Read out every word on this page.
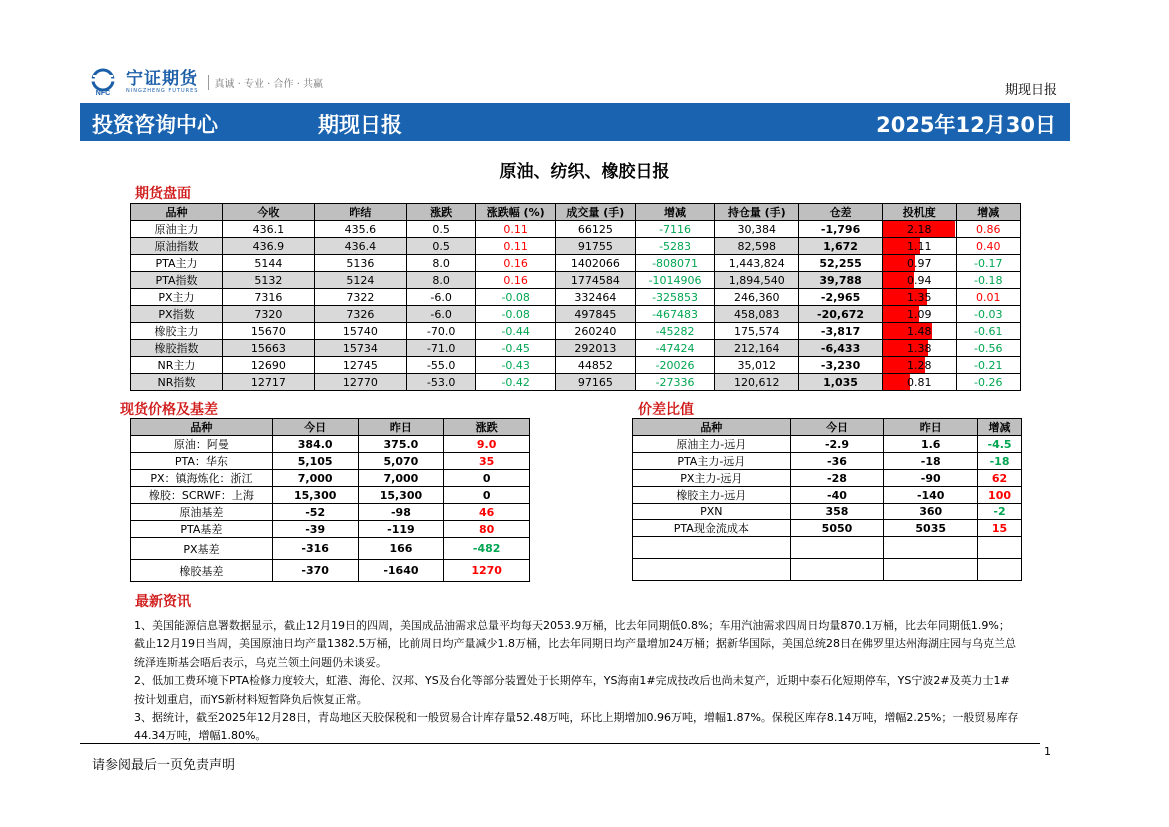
NFC
宁证期货
NINGZHENG FUTURES
真诚 · 专业 · 合作 · 共赢	期现日报
投资咨询中心	期现日报	2025年12月30日
原油、纺织、橡胶日报
期货盘面
品种	今收	昨结	涨跌	涨跌幅 (%)	成交量 (手)	增减	持仓量 (手)	仓差	投机度	增减
原油主力	436.1	435.6	0.5	0.11	66125	-7116	30,384	-1,796	2.18	0.86
原油指数	436.9	436.4	0.5	0.11	91755	-5283	82,598	1,672	1.11	0.40
PTA主力	5144	5136	8.0	0.16	1402066	-808071	1,443,824	52,255	0.97	-0.17
PTA指数	5132	5124	8.0	0.16	1774584	-1014906	1,894,540	39,788	0.94	-0.18
PX主力	7316	7322	-6.0	-0.08	332464	-325853	246,360	-2,965	1.35	0.01
PX指数	7320	7326	-6.0	-0.08	497845	-467483	458,083	-20,672	1.09	-0.03
橡胶主力	15670	15740	-70.0	-0.44	260240	-45282	175,574	-3,817	1.48	-0.61
橡胶指数	15663	15734	-71.0	-0.45	292013	-47424	212,164	-6,433	1.38	-0.56
NR主力	12690	12745	-55.0	-0.43	44852	-20026	35,012	-3,230	1.28	-0.21
NR指数	12717	12770	-53.0	-0.42	97165	-27336	120,612	1,035	0.81	-0.26
现货价格及基差
品种	今日	昨日	涨跌
原油：阿曼	384.0	375.0	9.0
PTA：华东	5,105	5,070	35
PX：镇海炼化：浙江	7,000	7,000	0
橡胶：SCRWF：上海	15,300	15,300	0
原油基差	-52	-98	46
PTA基差	-39	-119	80
PX基差	-316	166	-482
橡胶基差	-370	-1640	1270
价差比值
品种	今日	昨日	增减
原油主力-远月	-2.9	1.6	-4.5
PTA主力-远月	-36	-18	-18
PX主力-远月	-28	-90	62
橡胶主力-远月	-40	-140	100
PXN	358	360	-2
PTA现金流成本	5050	5035	15

最新资讯

1、美国能源信息署数据显示，截止12月19日的四周，美国成品油需求总量平均每天2053.9万桶，比去年同期低0.8%；车用汽油需求四周日均量870.1万桶，比去年同期低1.9%；截止12月19日当周，美国原油日均产量1382.5万桶，比前周日均产量减少1.8万桶，比去年同期日均产量增加24万桶；据新华国际，美国总统28日在佛罗里达州海湖庄园与乌克兰总统泽连斯基会晤后表示，乌克兰领土问题仍未谈妥。

2、低加工费环境下PTA检修力度较大，虹港、海伦、汉邦、YS及台化等部分装置处于长期停车，YS海南1#完成技改后也尚未复产，近期中泰石化短期停车，YS宁波2#及英力士1#按计划重启，而YS新材料短暂降负后恢复正常。

3、据统计，截至2025年12月28日，青岛地区天胶保税和一般贸易合计库存量52.48万吨，环比上期增加0.96万吨，增幅1.87%。保税区库存8.14万吨，增幅2.25%；一般贸易库存44.34万吨，增幅1.80%。

1
请参阅最后一页免责声明
